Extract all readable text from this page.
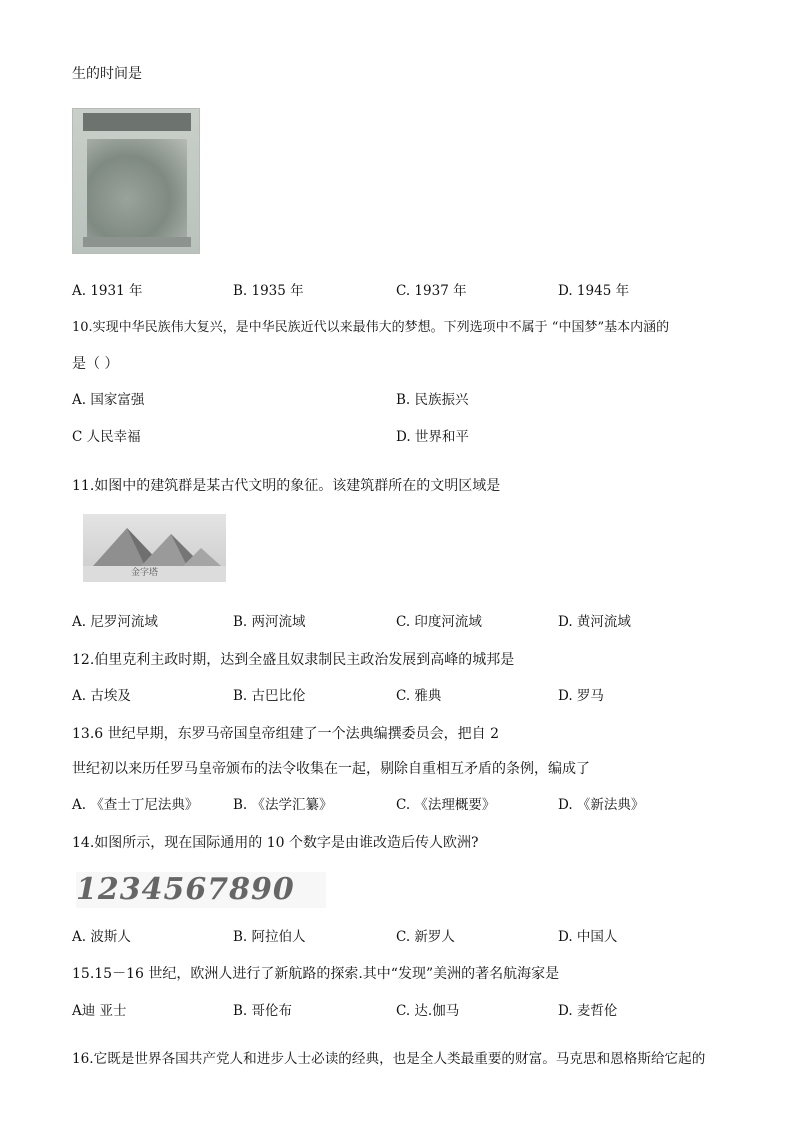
生的时间是
A. 1931 年	B. 1935 年	C. 1937 年	D. 1945 年
10.实现中华民族伟大复兴，是中华民族近代以来最伟大的梦想。下列选项中不属于 “中国梦”基本内涵的
是（ ）
A. 国家富强	B. 民族振兴
C 人民幸福	D. 世界和平
11.如图中的建筑群是某古代文明的象征。该建筑群所在的文明区域是
金字塔
A. 尼罗河流域	B. 两河流域	C. 印度河流域	D. 黄河流域
12.伯里克利主政时期，达到全盛且奴隶制民主政治发展到高峰的城邦是
A. 古埃及	B. 古巴比伦	C. 雅典	D. 罗马
13.6 世纪早期，东罗马帝国皇帝组建了一个法典编撰委员会，把自 2
世纪初以来历任罗马皇帝颁布的法令收集在一起，剔除自重相互矛盾的条例，编成了
A. 《查士丁尼法典》	B. 《法学汇纂》	C. 《法理概要》	D. 《新法典》
14.如图所示，现在国际通用的 10 个数字是由谁改造后传人欧洲?
1234567890
A. 波斯人	B. 阿拉伯人	C. 新罗人	D. 中国人
15.15－16 世纪，欧洲人进行了新航路的探索.其中“发现”美洲的著名航海家是
A迪 亚士	B. 哥伦布	C. 达.伽马	D. 麦哲伦
16.它既是世界各国共产党人和进步人士必读的经典，也是全人类最重要的财富。马克思和恩格斯给它起的
